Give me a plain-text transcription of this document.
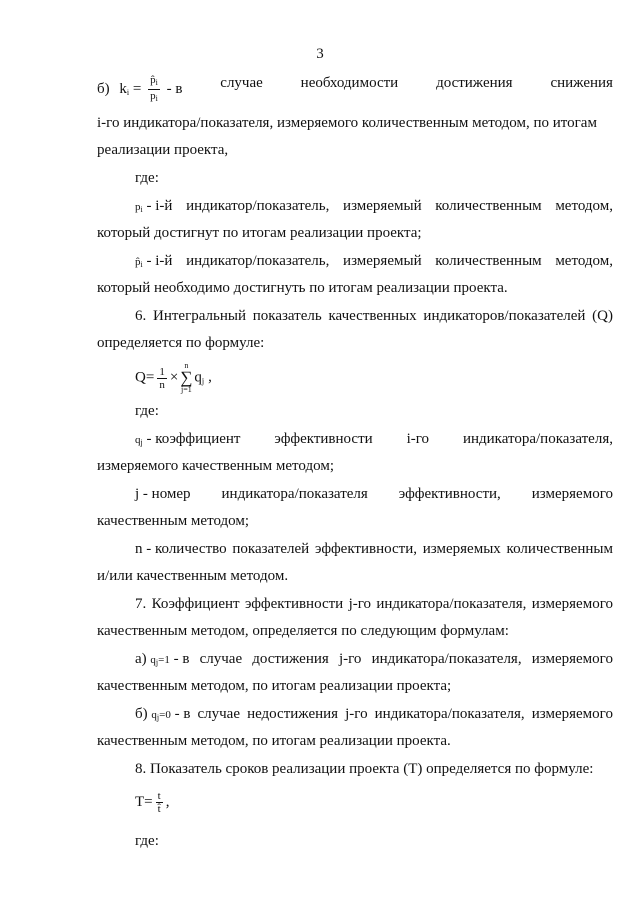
3
б) $k_i = \frac{p̂_i}{p_i} - в$	случае	необходимости	достижения	снижения
i-го индикатора/показателя, измеряемого количественным методом, по итогам
реализации проекта,
где:
$p_i - i-й$ индикатор/показатель, измеряемый количественным методом,
который достигнут по итогам реализации проекта;
$p̂_i - i-й$ индикатор/показатель, измеряемый количественным методом,
который необходимо достигнуть по итогам реализации проекта.
6. Интегральный показатель качественных индикаторов/показателей (Q)
определяется по формуле:
$Q= \frac{1}{n}$ ×
n
∑
j=1
$q_j$ ,
где:
$q_j$ - коэффициент эффективности i-го индикатора/показателя,
измеряемого качественным методом;
j - номер индикатора/показателя эффективности, измеряемого
качественным методом;
n - количество показателей эффективности, измеряемых количественным
и/или качественным методом.
7. Коэффициент эффективности j-го индикатора/показателя, измеряемого
качественным методом, определяется по следующим формулам:
а) $q_j=1 - в$ случае достижения j-го индикатора/показателя, измеряемого
качественным методом, по итогам реализации проекта;
б) $q_j=0 - в$ случае недостижения j-го индикатора/показателя, измеряемого
качественным методом, по итогам реализации проекта.
8. Показатель сроков реализации проекта (T) определяется по формуле:
$T= \frac{t}{t̂}$ ,
где:
